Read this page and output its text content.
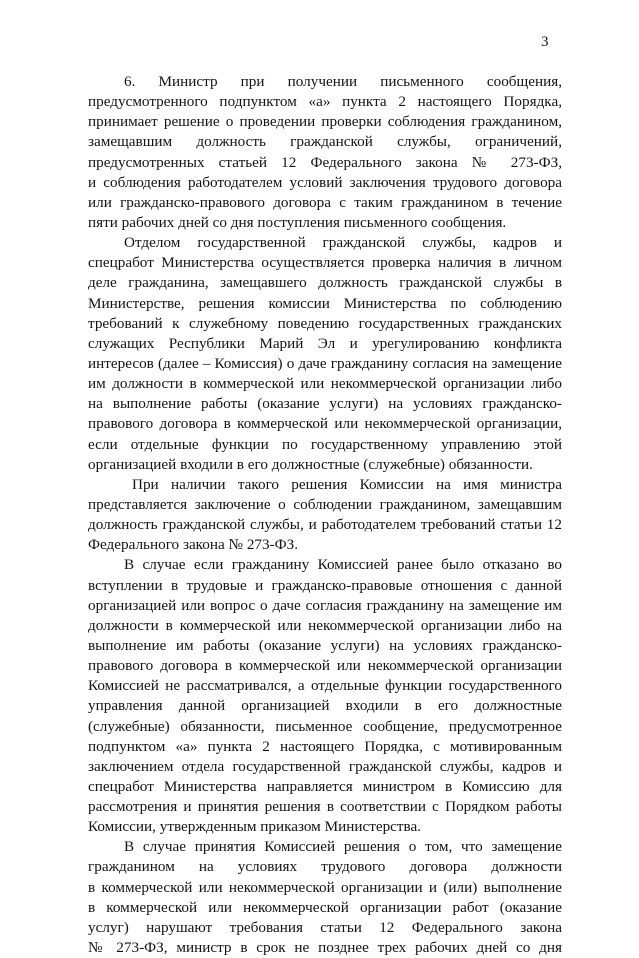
3
6. Министр при получении письменного сообщения,
предусмотренного подпунктом «а» пункта 2 настоящего Порядка,
принимает решение о проведении проверки соблюдения гражданином,
замещавшим должность гражданской службы, ограничений,
предусмотренных статьей 12 Федерального закона № 273-ФЗ,
и соблюдения работодателем условий заключения трудового договора
или гражданско-правового договора с таким гражданином в течение
пяти рабочих дней со дня поступления письменного сообщения.
Отделом государственной гражданской службы, кадров и
спецработ Министерства осуществляется проверка наличия в личном
деле гражданина, замещавшего должность гражданской службы в
Министерстве, решения комиссии Министерства по соблюдению
требований к служебному поведению государственных гражданских
служащих Республики Марий Эл и урегулированию конфликта
интересов (далее – Комиссия) о даче гражданину согласия на замещение
им должности в коммерческой или некоммерческой организации либо
на выполнение работы (оказание услуги) на условиях гражданско-
правового договора в коммерческой или некоммерческой организации,
если отдельные функции по государственному управлению этой
организацией входили в его должностные (служебные) обязанности.
При наличии такого решения Комиссии на имя министра
представляется заключение о соблюдении гражданином, замещавшим
должность гражданской службы, и работодателем требований статьи 12
Федерального закона № 273-ФЗ.
В случае если гражданину Комиссией ранее было отказано во
вступлении в трудовые и гражданско-правовые отношения с данной
организацией или вопрос о даче согласия гражданину на замещение им
должности в коммерческой или некоммерческой организации либо на
выполнение им работы (оказание услуги) на условиях гражданско-
правового договора в коммерческой или некоммерческой организации
Комиссией не рассматривался, а отдельные функции государственного
управления данной организацией входили в его должностные
(служебные) обязанности, письменное сообщение, предусмотренное
подпунктом «а» пункта 2 настоящего Порядка, с мотивированным
заключением отдела государственной гражданской службы, кадров и
спецработ Министерства направляется министром в Комиссию для
рассмотрения и принятия решения в соответствии с Порядком работы
Комиссии, утвержденным приказом Министерства.
В случае принятия Комиссией решения о том, что замещение
гражданином на условиях трудового договора должности
в коммерческой или некоммерческой организации и (или) выполнение
в коммерческой или некоммерческой организации работ (оказание
услуг) нарушают требования статьи 12 Федерального закона
№ 273-ФЗ, министр в срок не позднее трех рабочих дней со дня
